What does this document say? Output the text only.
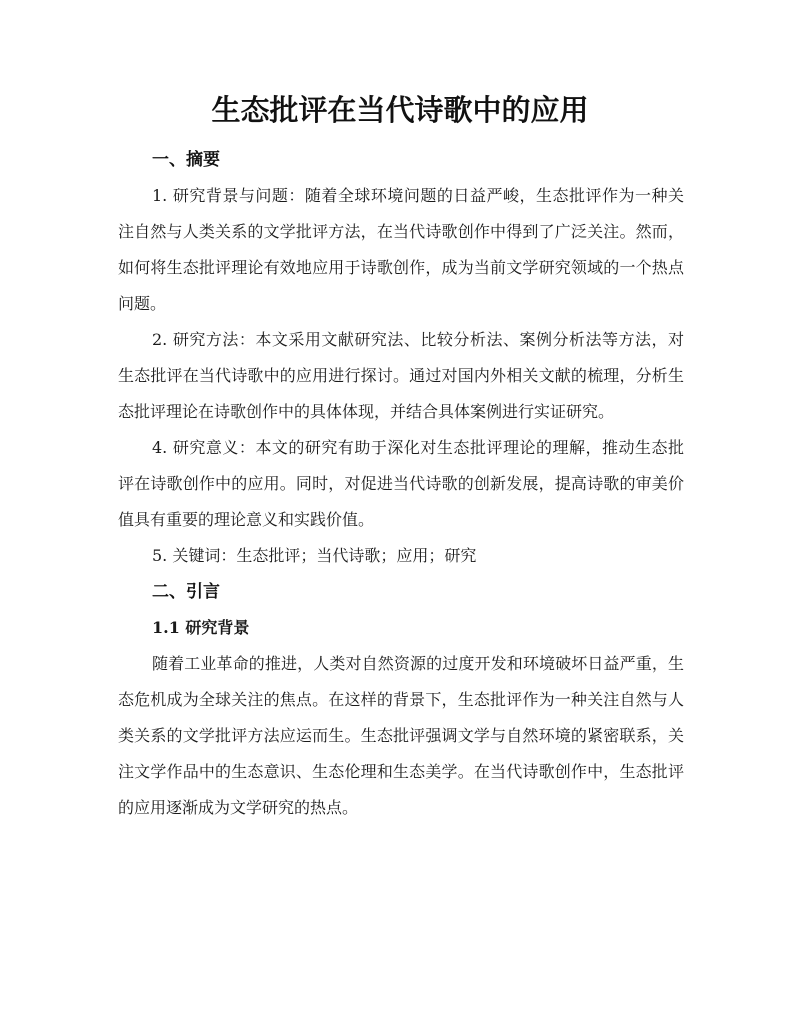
生态批评在当代诗歌中的应用
一、摘要

1. 研究背景与问题：随着全球环境问题的日益严峻，生态批评作为一种关注自然与人类关系的文学批评方法，在当代诗歌创作中得到了广泛关注。然而，如何将生态批评理论有效地应用于诗歌创作，成为当前文学研究领域的一个热点问题。

2. 研究方法：本文采用文献研究法、比较分析法、案例分析法等方法，对生态批评在当代诗歌中的应用进行探讨。通过对国内外相关文献的梳理，分析生态批评理论在诗歌创作中的具体体现，并结合具体案例进行实证研究。

4. 研究意义：本文的研究有助于深化对生态批评理论的理解，推动生态批评在诗歌创作中的应用。同时，对促进当代诗歌的创新发展，提高诗歌的审美价值具有重要的理论意义和实践价值。

5. 关键词：生态批评；当代诗歌；应用；研究

二、引言
1.1 研究背景

随着工业革命的推进，人类对自然资源的过度开发和环境破坏日益严重，生态危机成为全球关注的焦点。在这样的背景下，生态批评作为一种关注自然与人类关系的文学批评方法应运而生。生态批评强调文学与自然环境的紧密联系，关注文学作品中的生态意识、生态伦理和生态美学。在当代诗歌创作中，生态批评的应用逐渐成为文学研究的热点。
